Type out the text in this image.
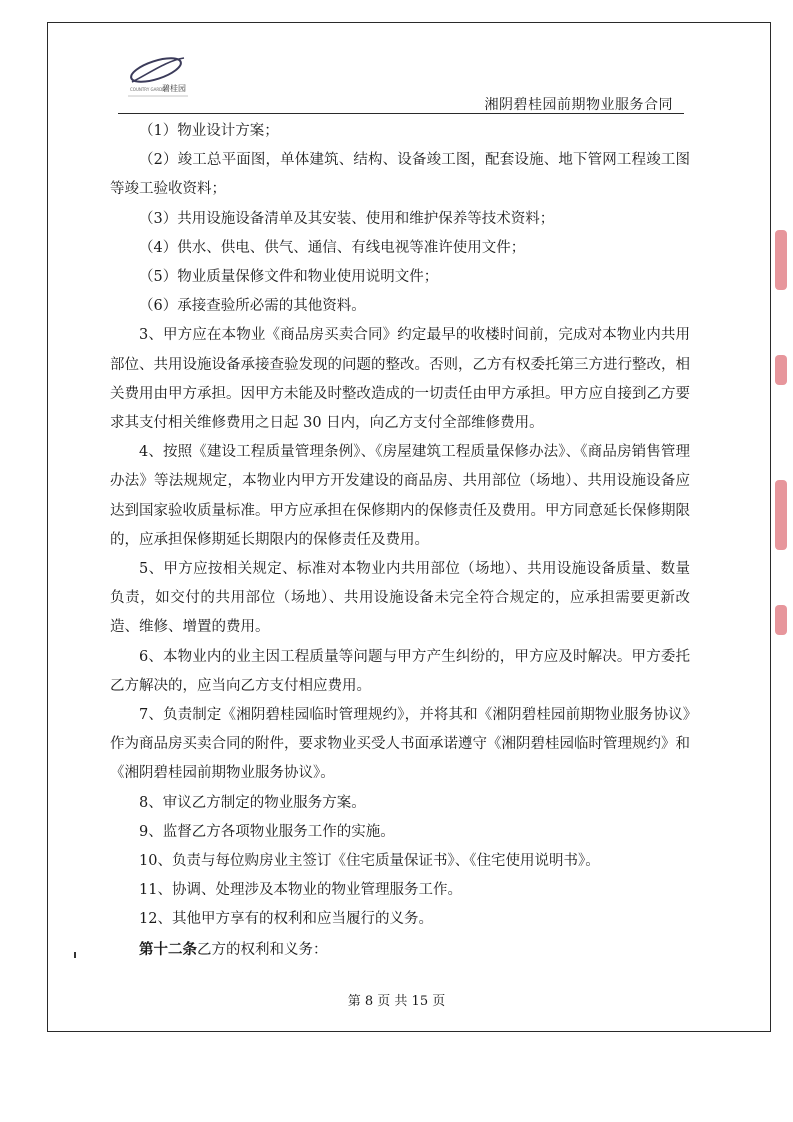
碧桂园
COUNTRY GARDEN
湘阴碧桂园前期物业服务合同

（1）物业设计方案；

（2）竣工总平面图，单体建筑、结构、设备竣工图，配套设施、地下管网工程竣工图等竣工验收资料；

（3）共用设施设备清单及其安装、使用和维护保养等技术资料；

（4）供水、供电、供气、通信、有线电视等准许使用文件；

（5）物业质量保修文件和物业使用说明文件；

（6）承接查验所必需的其他资料。

3、甲方应在本物业《商品房买卖合同》约定最早的收楼时间前，完成对本物业内共用部位、共用设施设备承接查验发现的问题的整改。否则，乙方有权委托第三方进行整改，相关费用由甲方承担。因甲方未能及时整改造成的一切责任由甲方承担。甲方应自接到乙方要求其支付相关维修费用之日起 30 日内，向乙方支付全部维修费用。

4、按照《建设工程质量管理条例》、《房屋建筑工程质量保修办法》、《商品房销售管理办法》等法规规定，本物业内甲方开发建设的商品房、共用部位（场地）、共用设施设备应达到国家验收质量标准。甲方应承担在保修期内的保修责任及费用。甲方同意延长保修期限的，应承担保修期延长期限内的保修责任及费用。

5、甲方应按相关规定、标准对本物业内共用部位（场地）、共用设施设备质量、数量负责，如交付的共用部位（场地）、共用设施设备未完全符合规定的，应承担需要更新改造、维修、增置的费用。

6、本物业内的业主因工程质量等问题与甲方产生纠纷的，甲方应及时解决。甲方委托乙方解决的，应当向乙方支付相应费用。

7、负责制定《湘阴碧桂园临时管理规约》，并将其和《湘阴碧桂园前期物业服务协议》作为商品房买卖合同的附件，要求物业买受人书面承诺遵守《湘阴碧桂园临时管理规约》和《湘阴碧桂园前期物业服务协议》。

8、审议乙方制定的物业服务方案。

9、监督乙方各项物业服务工作的实施。

10、负责与每位购房业主签订《住宅质量保证书》、《住宅使用说明书》。

11、协调、处理涉及本物业的物业管理服务工作。

12、其他甲方享有的权利和应当履行的义务。

第十二条乙方的权利和义务：

第 8 页 共 15 页
